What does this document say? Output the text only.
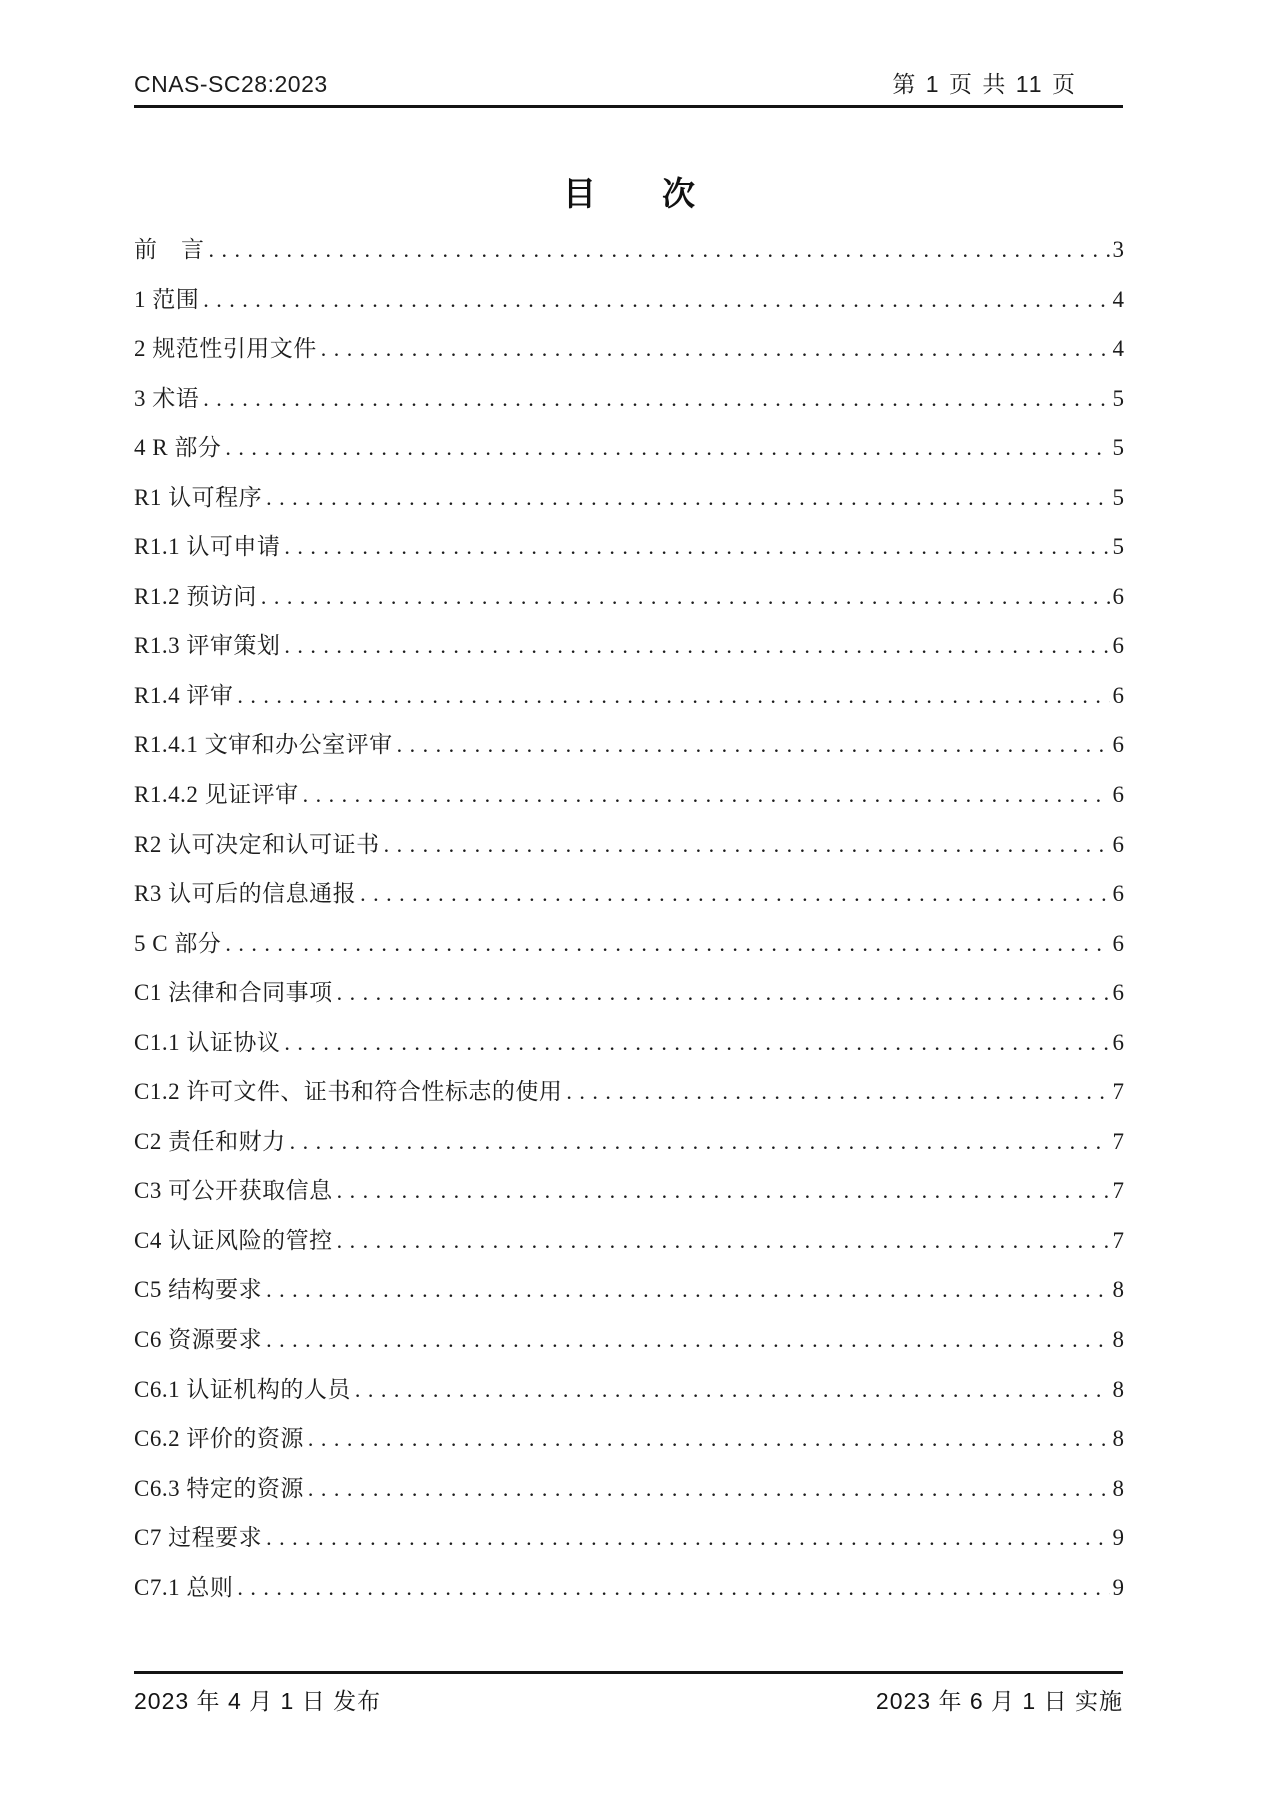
CNAS-SC28:2023	第 1 页 共 11 页
目　　次
前　言 . . .	3
1 范围 . . .	4
2 规范性引用文件 . . .	4
3 术语 . . .	5
4 R 部分 . . .	5
R1 认可程序 . . .	5
R1.1 认可申请 . . .	5
R1.2 预访问 . . .	6
R1.3 评审策划 . . .	6
R1.4 评审 . . .	6
R1.4.1 文审和办公室评审 . . .	6
R1.4.2 见证评审 . . .	6
R2 认可决定和认可证书 . . .	6
R3 认可后的信息通报 . . .	6
5 C 部分 . . .	6
C1 法律和合同事项 . . .	6
C1.1 认证协议 . . .	6
C1.2 许可文件、证书和符合性标志的使用 . . .	7
C2 责任和财力 . . .	7
C3 可公开获取信息 . . .	7
C4 认证风险的管控 . . .	7
C5 结构要求 . . .	8
C6 资源要求 . . .	8
C6.1 认证机构的人员 . . .	8
C6.2 评价的资源 . . .	8
C6.3 特定的资源 . . .	8
C7 过程要求 . . .	9
C7.1 总则 . . .	9
2023 年 4 月 1 日 发布	2023 年 6 月 1 日 实施
